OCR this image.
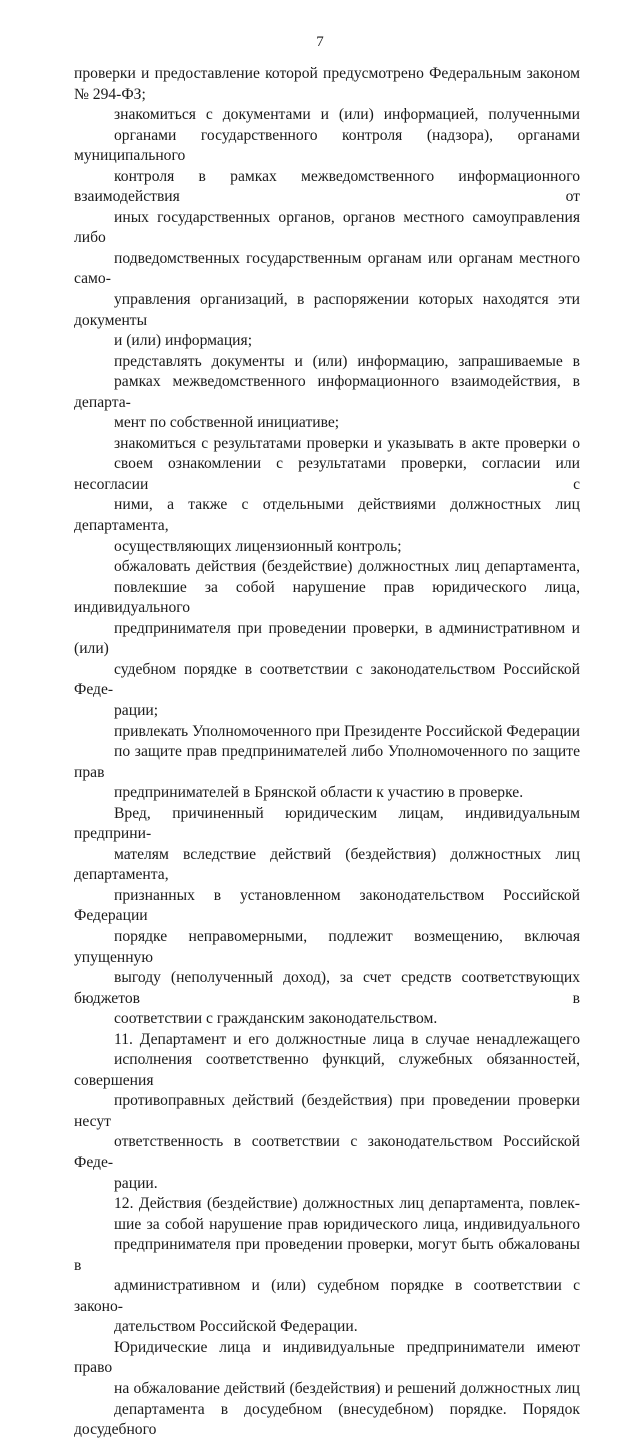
7

проверки и предоставление которой предусмотрено Федеральным законом
№ 294-ФЗ;

знакомиться с документами и (или) информацией, полученными
органами государственного контроля (надзора), органами муниципального
контроля в рамках межведомственного информационного взаимодействия от
иных государственных органов, органов местного самоуправления либо
подведомственных государственным органам или органам местного само-
управления организаций, в распоряжении которых находятся эти документы
и (или) информация;

представлять документы и (или) информацию, запрашиваемые в
рамках межведомственного информационного взаимодействия, в департа-
мент по собственной инициативе;

знакомиться с результатами проверки и указывать в акте проверки о
своем ознакомлении с результатами проверки, согласии или несогласии с
ними, а также с отдельными действиями должностных лиц департамента,
осуществляющих лицензионный контроль;

обжаловать действия (бездействие) должностных лиц департамента,
повлекшие за собой нарушение прав юридического лица, индивидуального
предпринимателя при проведении проверки, в административном и (или)
судебном порядке в соответствии с законодательством Российской Феде-
рации;

привлекать Уполномоченного при Президенте Российской Федерации
по защите прав предпринимателей либо Уполномоченного по защите прав
предпринимателей в Брянской области к участию в проверке.

Вред, причиненный юридическим лицам, индивидуальным предприни-
мателям вследствие действий (бездействия) должностных лиц департамента,
признанных в установленном законодательством Российской Федерации
порядке неправомерными, подлежит возмещению, включая упущенную
выгоду (неполученный доход), за счет средств соответствующих бюджетов в
соответствии с гражданским законодательством.

11. Департамент и его должностные лица в случае ненадлежащего
исполнения соответственно функций, служебных обязанностей, совершения
противоправных действий (бездействия) при проведении проверки несут
ответственность в соответствии с законодательством Российской Феде-
рации.

12. Действия (бездействие) должностных лиц департамента, повлек-
шие за собой нарушение прав юридического лица, индивидуального
предпринимателя при проведении проверки, могут быть обжалованы в
административном и (или) судебном порядке в соответствии с законо-
дательством Российской Федерации.

Юридические лица и индивидуальные предприниматели имеют право
на обжалование действий (бездействия) и решений должностных лиц
департамента в досудебном (внесудебном) порядке. Порядок досудебного
